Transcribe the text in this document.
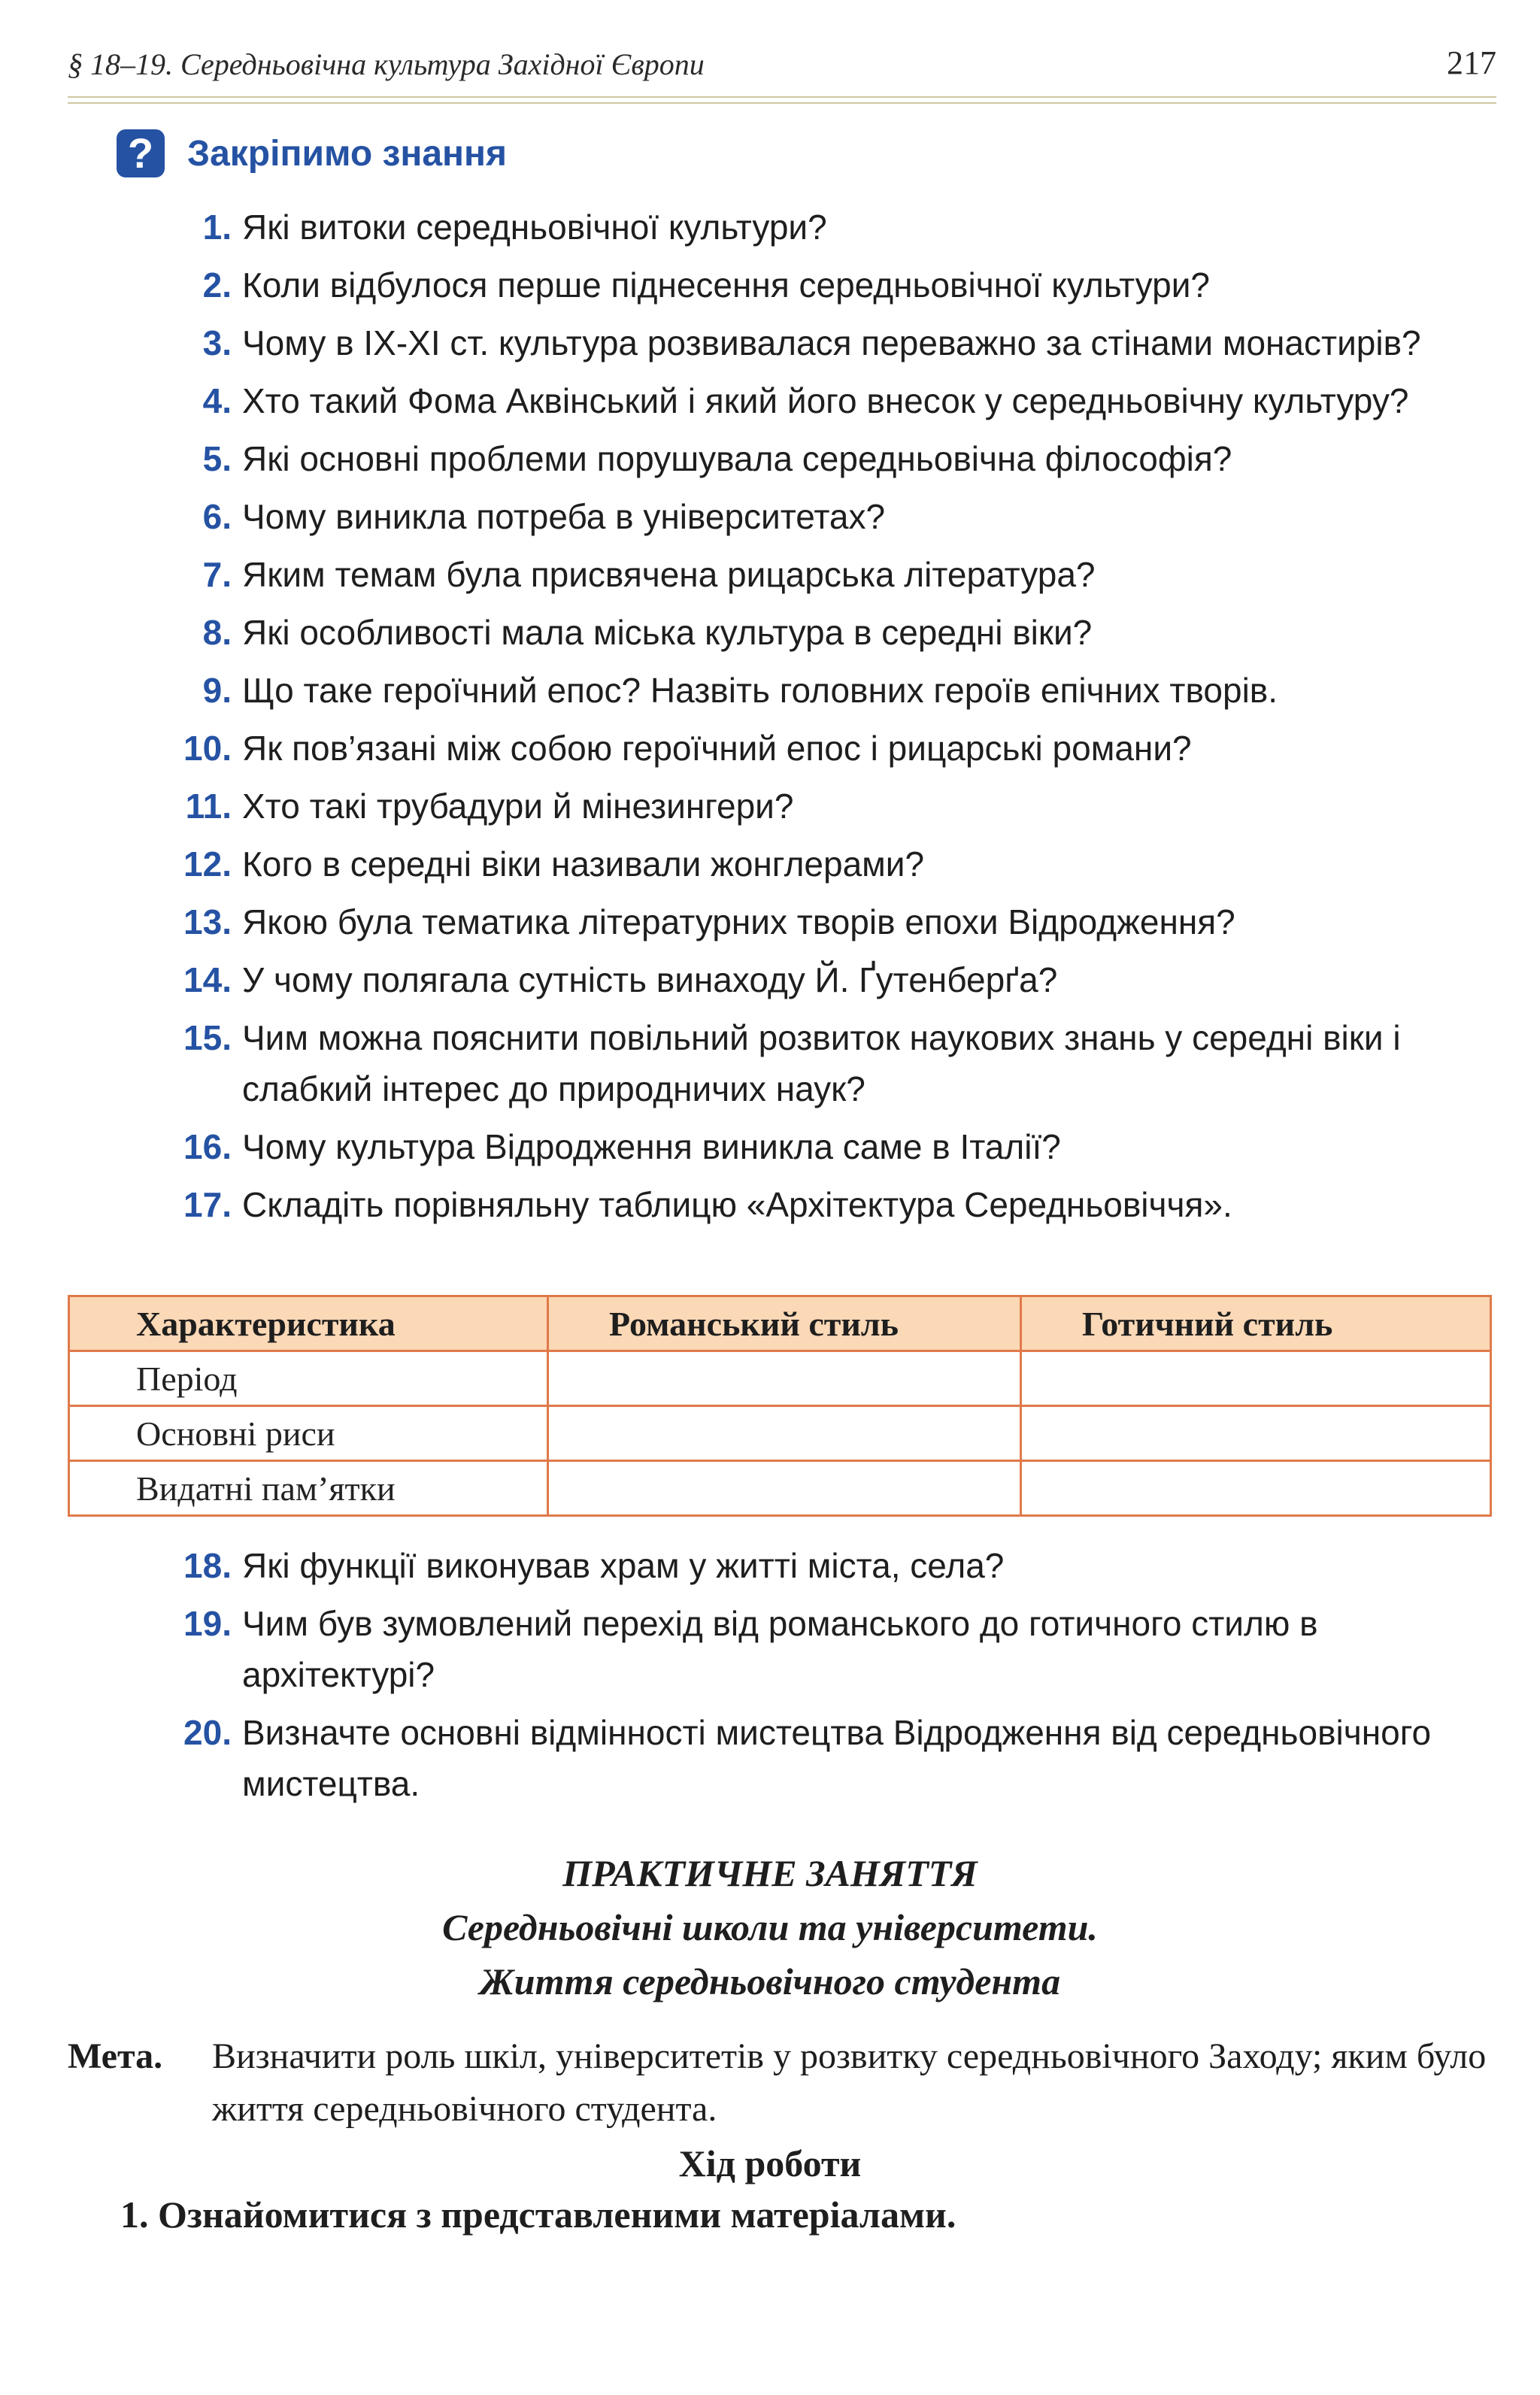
§ 18–19. Середньовічна культура Західної Європи	217
? Закріпимо знання
1. Які витоки середньовічної культури?
2. Коли відбулося перше піднесення середньовічної культури?
3. Чому в IX-XI ст. культура розвивалася переважно за стінами монастирів?
4. Хто такий Фома Аквінський і який його внесок у середньовічну культуру?
5. Які основні проблеми порушувала середньовічна філософія?
6. Чому виникла потреба в університетах?
7. Яким темам була присвячена рицарська література?
8. Які особливості мала міська культура в середні віки?
9. Що таке героїчний епос? Назвіть головних героїв епічних творів.
10. Як пов’язані між собою героїчний епос і рицарські романи?
11. Хто такі трубадури й мінезингери?
12. Кого в середні віки називали жонглерами?
13. Якою була тематика літературних творів епохи Відродження?
14. У чому полягала сутність винаходу Й. Ґутенберґа?
15. Чим можна пояснити повільний розвиток наукових знань у середні віки і слабкий інтерес до природничих наук?
16. Чому культура Відродження виникла саме в Італії?
17. Складіть порівняльну таблицю «Архітектура Середньовіччя».
Характеристика	Романський стиль	Готичний стиль
Період		
Основні риси		
Видатні пам’ятки		
18. Які функції виконував храм у житті міста, села?
19. Чим був зумовлений перехід від романського до готичного стилю в архітектурі?
20. Визначте основні відмінності мистецтва Відродження від середньовічного мистецтва.
ПРАКТИЧНЕ ЗАНЯТТЯ
Середньовічні школи та університети.
Життя середньовічного студента
Мета. Визначити роль шкіл, університетів у розвитку середньовічного Заходу; яким було життя середньовічного студента.
Хід роботи
1. Ознайомитися з представленими матеріалами.
